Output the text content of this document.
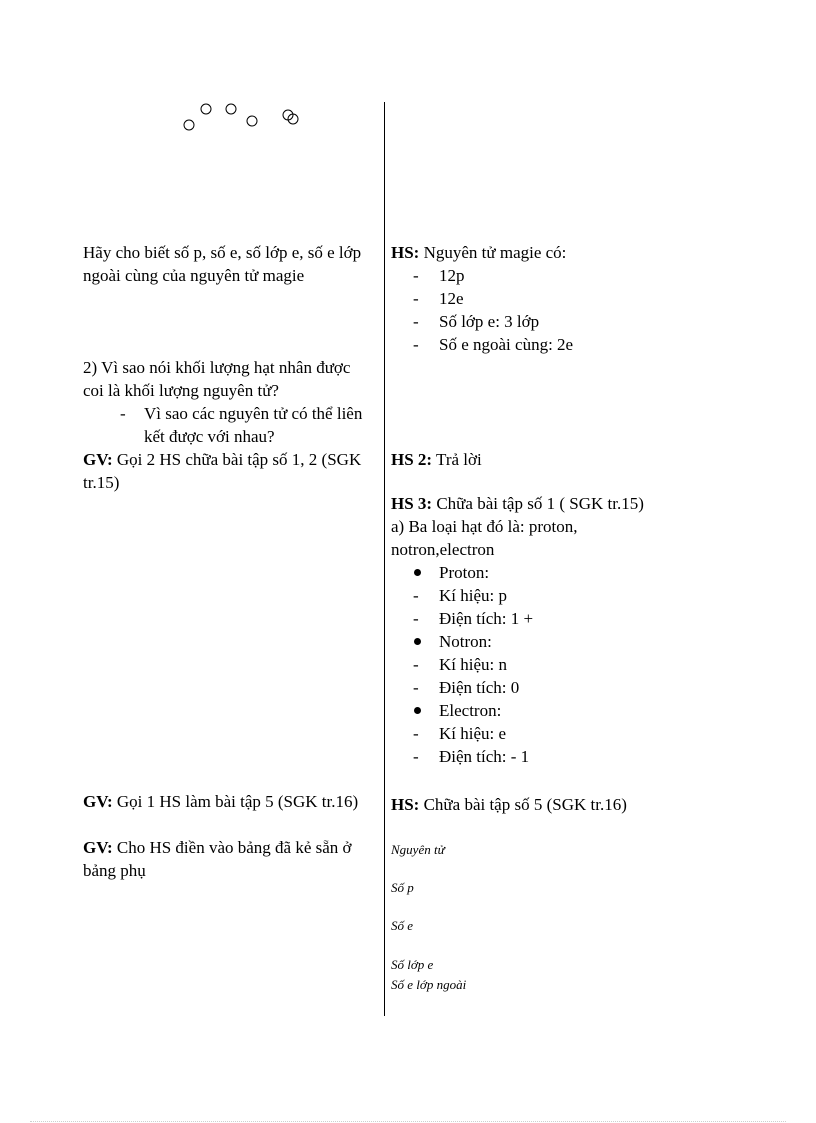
Hãy cho biết số p, số e, số lớp e, số e lớp ngoài cùng của nguyên tử magie
2) Vì sao nói khối lượng hạt nhân được coi là khối lượng nguyên tử?
- Vì sao các nguyên tử có thể liên kết được với nhau?
GV: Gọi 2 HS chữa bài tập số 1, 2 (SGK tr.15)
GV: Gọi 1 HS làm bài tập 5 (SGK tr.16)
GV: Cho HS điền vào bảng đã kẻ sẵn ở bảng phụ
HS: Nguyên tử magie có:
- 12p
- 12e
- Số lớp e: 3 lớp
- Số e ngoài cùng: 2e
HS 2: Trả lời
HS 3: Chữa bài tập số 1 ( SGK tr.15)
a) Ba loại hạt đó là: proton, notron,electron
Proton:
- Kí hiệu: p
- Điện tích: 1 +
Notron:
- Kí hiệu: n
- Điện tích: 0
Electron:
- Kí hiệu: e
- Điện tích: - 1
HS: Chữa bài tập số 5 (SGK tr.16)
Nguyên tử
Số p
Số e
Số lớp e
Số e lớp ngoài
